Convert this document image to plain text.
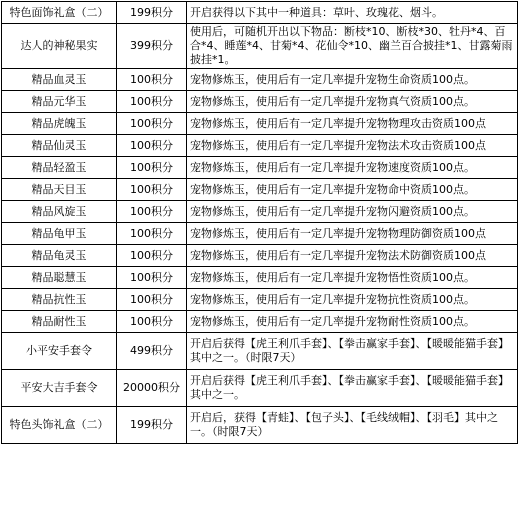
特色面饰礼盒（二）	199积分	开启获得以下其中一种道具：草叶、玫瑰花、烟斗。
达人的神秘果实	399积分	使用后，可随机开出以下物品：断枝*10、断枝*30、牡丹*4、百合*4、睡莲*4、甘菊*4、花仙令*10、幽兰百合披挂*1、甘露菊雨披挂*1。
精品血灵玉	100积分	宠物修炼玉，使用后有一定几率提升宠物生命资质100点。
精品元华玉	100积分	宠物修炼玉，使用后有一定几率提升宠物真气资质100点。
精品虎魄玉	100积分	宠物修炼玉，使用后有一定几率提升宠物物理攻击资质100点
精品仙灵玉	100积分	宠物修炼玉，使用后有一定几率提升宠物法术攻击资质100点
精品轻盈玉	100积分	宠物修炼玉，使用后有一定几率提升宠物速度资质100点。
精品天目玉	100积分	宠物修炼玉，使用后有一定几率提升宠物命中资质100点。
精品风旋玉	100积分	宠物修炼玉，使用后有一定几率提升宠物闪避资质100点。
精品龟甲玉	100积分	宠物修炼玉，使用后有一定几率提升宠物物理防御资质100点
精品龟灵玉	100积分	宠物修炼玉，使用后有一定几率提升宠物法术防御资质100点
精品聪慧玉	100积分	宠物修炼玉，使用后有一定几率提升宠物悟性资质100点。
精品抗性玉	100积分	宠物修炼玉，使用后有一定几率提升宠物抗性资质100点。
精品耐性玉	100积分	宠物修炼玉，使用后有一定几率提升宠物耐性资质100点。
小平安手套令	499积分	开启后获得【虎王利爪手套】、【拳击赢家手套】、【暖暖能猫手套】其中之一。（时限7天）
平安大吉手套令	20000积分	开启后获得【虎王利爪手套】、【拳击赢家手套】、【暖暖能猫手套】其中之一。
特色头饰礼盒（二）	199积分	开启后，获得【青蛙】、【包子头】、【毛线绒帽】、【羽毛】其中之一。（时限7天）
